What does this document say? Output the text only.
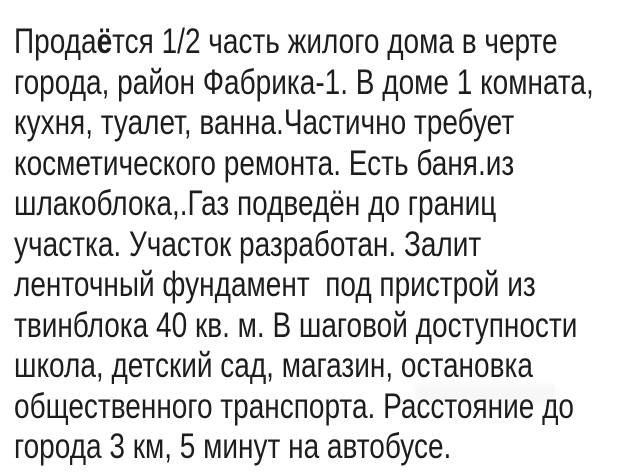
Продаётся 1/2 часть жилого дома в черте
города, район Фабрика-1. В доме 1 комната,
кухня, туалет, ванна.Частично требует
косметического ремонта. Есть баня.из
шлакоблока,.Газ подведён до границ
участка. Участок разработан. Залит
ленточный фундамент  под пристрой из
твинблока 40 кв. м. В шаговой доступности
школа, детский сад, магазин, остановка
общественного транспорта. Расстояние до
города 3 км, 5 минут на автобусе.
